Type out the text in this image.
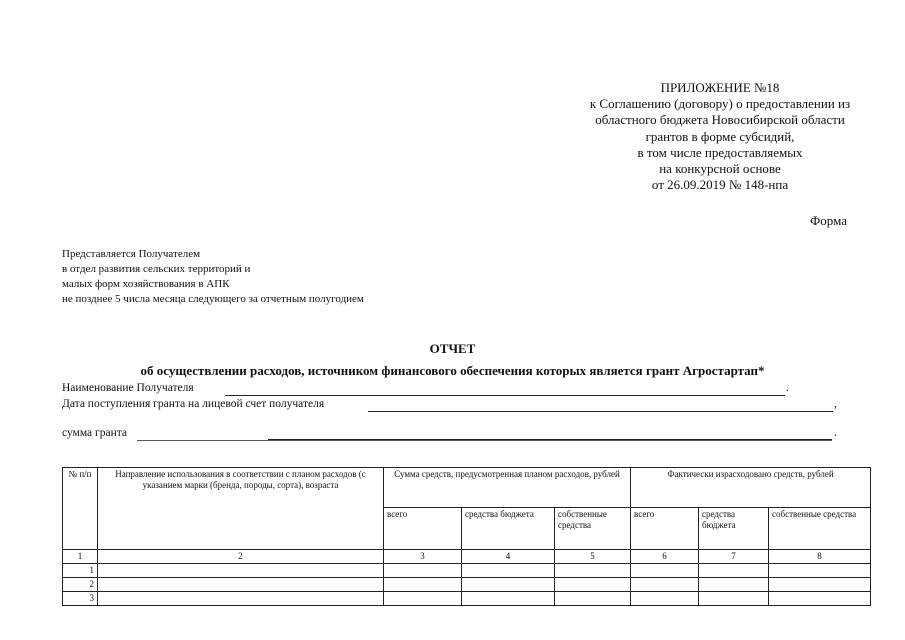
ПРИЛОЖЕНИЕ №18
к Соглашению (договору) о предоставлении из
областного бюджета Новосибирской области
грантов в форме субсидий,
в том числе предоставляемых
на конкурсной основе
от 26.09.2019 № 148-нпа
Форма
Представляется Получателем
в отдел развития сельских территорий и
малых форм хозяйствования в АПК
не позднее 5 числа месяца следующего за отчетным полугодием
ОТЧЕТ
об осуществлении расходов, источником финансового обеспечения которых является грант Агростартап*
Наименование Получателя	.
Дата поступления гранта на лицевой счет получателя	,
сумма гранта	.
№ п/п	Направление использования в соответствии с планом расходов (с указанием марки (бренда, породы, сорта), возраста	Сумма средств, предусмотренная планом расходов, рублей			Фактически израсходовано средств, рублей		
		всего	средства бюджета	собственные средства	всего	средства бюджета	собственные средства
1	2	3	4	5	6	7	8
1							
2							
3							
